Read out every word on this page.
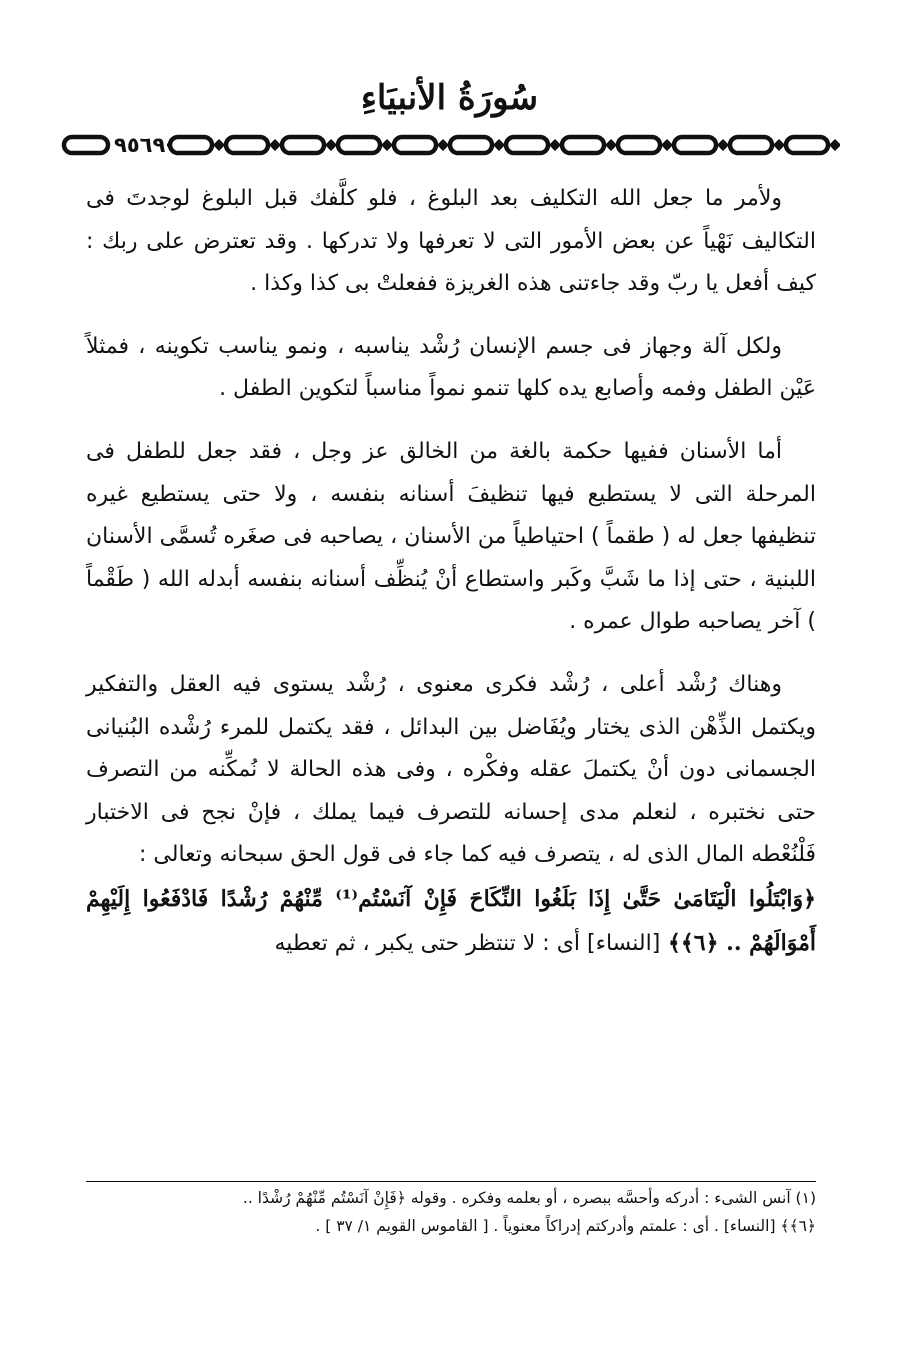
سُورَةُ الأنبيَاءِ
٩٥٦٩

ولأمر ما جعل الله التكليف بعد البلوغ ، فلو كلَّفك قبل البلوغ لوجدتَ فى التكاليف نَهْياً عن بعض الأمور التى لا تعرفها ولا تدركها . وقد تعترض على ربك : كيف أفعل يا ربّ وقد جاءتنى هذه الغريزة ففعلتْ بى كذا وكذا .

ولكل آلة وجهاز فى جسم الإنسان رُشْد يناسبه ، ونمو يناسب تكوينه ، فمثلاً عَيْن الطفل وفمه وأصابع يده كلها تنمو نمواً مناسباً لتكوين الطفل .

أما الأسنان ففيها حكمة بالغة من الخالق عز وجل ، فقد جعل للطفل فى المرحلة التى لا يستطيع فيها تنظيفَ أسنانه بنفسه ، ولا حتى يستطيع غيره تنظيفها جعل له ( طقماً ) احتياطياً من الأسنان ، يصاحبه فى صغَره تُسمَّى الأسنان اللبنية ، حتى إذا ما شَبَّ وكَبر واستطاع أنْ يُنظِّف أسنانه بنفسه أبدله الله ( طَقْماً ) آخر يصاحبه طوال عمره .

وهناك رُشْد أعلى ، رُشْد فكرى معنوى ، رُشْد يستوى فيه العقل والتفكير ويكتمل الذِّهْن الذى يختار ويُفَاضل بين البدائل ، فقد يكتمل للمرء رُشْده البُنيانى الجسمانى دون أنْ يكتملَ عقله وفكْره ، وفى هذه الحالة لا نُمكِّنه من التصرف حتى نختبره ، لنعلم مدى إحسانه للتصرف فيما يملك ، فإنْ نجح فى الاختبار فَلْنُعْطه المال الذى له ، يتصرف فيه كما جاء فى قول الحق سبحانه وتعالى :

﴿وَابْتَلُوا الْيَتَامَىٰ حَتَّىٰ إِذَا بَلَغُوا النِّكَاحَ فَإِنْ آنَسْتُم⁽¹⁾ مِّنْهُمْ رُشْدًا فَادْفَعُوا إِلَيْهِمْ أَمْوَالَهُمْ .. ﴿٦﴾﴾ [النساء] أى : لا تنتظر حتى يكبر ، ثم تعطيه

(١) آنس الشىء : أدركه وأحسَّه ببصره ، أو بعلمه وفكره . وقوله ﴿فَإِنْ آنَسْتُم مِّنْهُمْ رُشْدًا ..

﴿٦﴾﴾ [النساء] . أى : علمتم وأدركتم إدراكاً معنوياً . [ القاموس القويم ١/ ٣٧ ] .
